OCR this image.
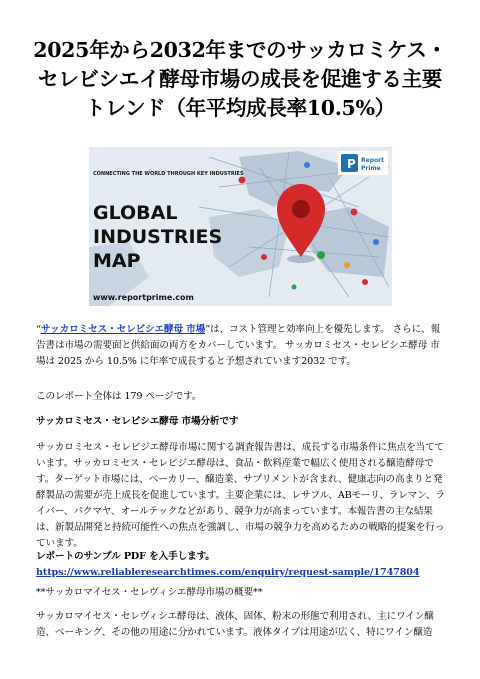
2025年から2032年までのサッカロミケス・セレビシエイ酵母市場の成長を促進する主要トレンド（年平均成長率10.5%）
P Report
Prime
CONNECTING THE WORLD THROUGH KEY INDUSTRIES
GLOBAL
INDUSTRIES
MAP
www.reportprime.com
“サッカロミセス・セレビシエ酵母 市場”は、コスト管理と効率向上を優先します。 さらに、報告書は市場の需要面と供給面の両方をカバーしています。 サッカロミセス・セレビシエ酵母 市場は 2025 から 10.5% に年率で成長すると予想されています2032 です。
このレポート全体は 179 ページです。
サッカロミセス・セレビシエ酵母 市場分析です
サッカロミセス・セレビジエ酵母市場に関する調査報告書は、成長する市場条件に焦点を当てています。サッカロミセス・セレビジエ酵母は、食品・飲料産業で幅広く使用される醸造酵母です。ターゲット市場には、ベーカリー、醸造業、サプリメントが含まれ、健康志向の高まりと発酵製品の需要が売上成長を促進しています。主要企業には、レサフル、ABモーリ、ラレマン、ライバー、パクマヤ、オールテックなどがあり、競争力が高まっています。本報告書の主な結果は、新製品開発と持続可能性への焦点を強調し、市場の競争力を高めるための戦略的提案を行っています。
レポートのサンプル PDF を入手します。 https://www.reliableresearchtimes.com/enquiry/request-sample/1747804
**サッカロマイセス・セレヴィシエ酵母市場の概要**
サッカロマイセス・セレヴィシエ酵母は、液体、固体、粉末の形態で利用され、主にワイン醸造、ベーキング、その他の用途に分かれています。液体タイプは用途が広く、特にワイン醸造
